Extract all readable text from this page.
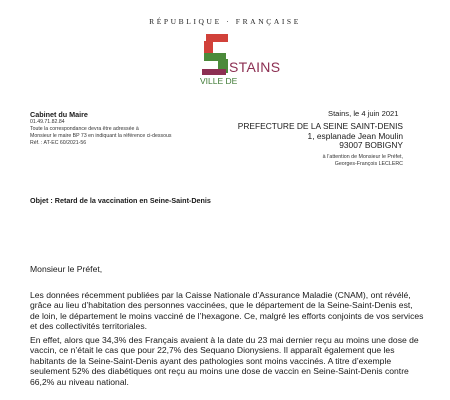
RÉPUBLIQUE · FRANÇAISE
STAINS
VILLE DE
Cabinet du Maire
01.49.71.82.84
Toute la correspondance devra être adressée à
Monsieur le maire BP 73 en indiquant la référence ci-dessous
Réf. : AT-EC 60/2021-56
Stains, le 4 juin 2021
PREFECTURE DE LA SEINE SAINT-DENIS
1, esplanade Jean Moulin
93007 BOBIGNY
à l’attention de Monsieur le Préfet,
Georges-François LECLERC
Objet : Retard de la vaccination en Seine-Saint-Denis
Monsieur le Préfet,
Les données récemment publiées par la Caisse Nationale d’Assurance Maladie (CNAM), ont révélé, grâce au lieu d’habitation des personnes vaccinées, que le département de la Seine-Saint-Denis est, de loin, le département le moins vacciné de l’hexagone. Ce, malgré les efforts conjoints de vos services et des collectivités territoriales.
En effet, alors que 34,3% des Français avaient à la date du 23 mai dernier reçu au moins une dose de vaccin, ce n’était le cas que pour 22,7% des Sequano Dionysiens. Il apparaît également que les habitants de la Seine-Saint-Denis ayant des pathologies sont moins vaccinés. A titre d’exemple seulement 52% des diabétiques ont reçu au moins une dose de vaccin en Seine-Saint-Denis contre 66,2% au niveau national.
